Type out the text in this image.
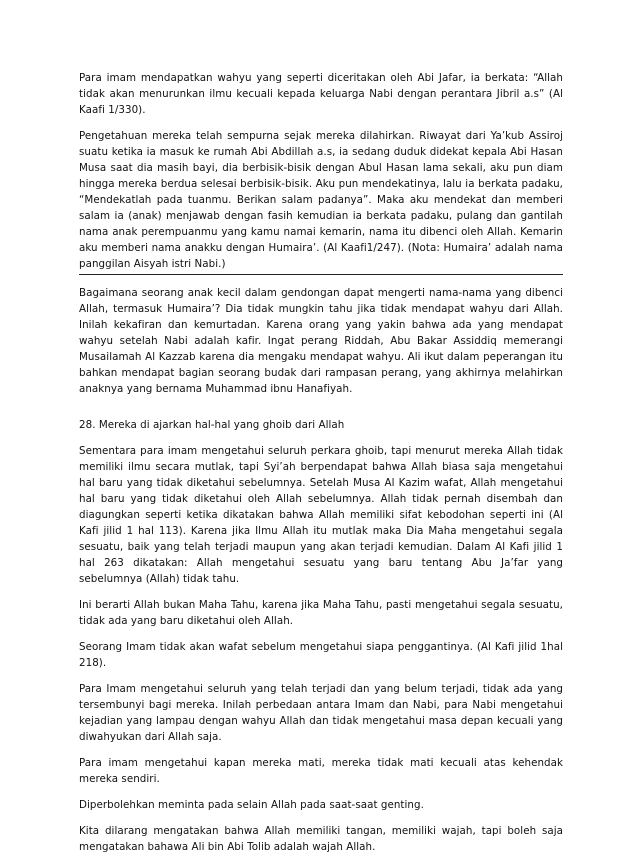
Para imam mendapatkan wahyu yang seperti diceritakan oleh Abi Jafar, ia berkata: “Allah tidak akan menurunkan ilmu kecuali kepada keluarga Nabi dengan perantara Jibril a.s” (Al Kaafi 1/330).

Pengetahuan mereka telah sempurna sejak mereka dilahirkan. Riwayat dari Ya’kub Assiroj suatu ketika ia masuk ke rumah Abi Abdillah a.s, ia sedang duduk didekat kepala Abi Hasan Musa saat dia masih bayi, dia berbisik-bisik dengan Abul Hasan lama sekali, aku pun diam hingga mereka berdua selesai berbisik-bisik. Aku pun mendekatinya, lalu ia berkata padaku, “Mendekatlah pada tuanmu. Berikan salam padanya”. Maka aku mendekat dan memberi salam ia (anak) menjawab dengan fasih kemudian ia berkata padaku, pulang dan gantilah nama anak perempuanmu yang kamu namai kemarin, nama itu dibenci oleh Allah. Kemarin aku memberi nama anakku dengan Humaira’. (Al Kaafi1/247). (Nota: Humaira’ adalah nama panggilan Aisyah istri Nabi.)

Bagaimana seorang anak kecil dalam gendongan dapat mengerti nama-nama yang dibenci Allah, termasuk Humaira’? Dia tidak mungkin tahu jika tidak mendapat wahyu dari Allah. Inilah kekafiran dan kemurtadan. Karena orang yang yakin bahwa ada yang mendapat wahyu setelah Nabi adalah kafir. Ingat perang Riddah, Abu Bakar Assiddiq memerangi Musailamah Al Kazzab karena dia mengaku mendapat wahyu. Ali ikut dalam peperangan itu bahkan mendapat bagian seorang budak dari rampasan perang, yang akhirnya melahirkan anaknya yang bernama Muhammad ibnu Hanafiyah.

28. Mereka di ajarkan hal-hal yang ghoib dari Allah

Sementara para imam mengetahui seluruh perkara ghoib, tapi menurut mereka Allah tidak memiliki ilmu secara mutlak, tapi Syi’ah berpendapat bahwa Allah biasa saja mengetahui hal baru yang tidak diketahui sebelumnya. Setelah Musa Al Kazim wafat, Allah mengetahui hal baru yang tidak diketahui oleh Allah sebelumnya. Allah tidak pernah disembah dan diagungkan seperti ketika dikatakan bahwa Allah memiliki sifat kebodohan seperti ini (Al Kafi jilid 1 hal 113). Karena jika Ilmu Allah itu mutlak maka Dia Maha mengetahui segala sesuatu, baik yang telah terjadi maupun yang akan terjadi kemudian. Dalam Al Kafi jilid 1 hal 263 dikatakan: Allah mengetahui sesuatu yang baru tentang Abu Ja’far yang sebelumnya (Allah) tidak tahu.

Ini berarti Allah bukan Maha Tahu, karena jika Maha Tahu, pasti mengetahui segala sesuatu, tidak ada yang baru diketahui oleh Allah.

Seorang Imam tidak akan wafat sebelum mengetahui siapa penggantinya. (Al Kafi jilid 1hal 218).

Para Imam mengetahui seluruh yang telah terjadi dan yang belum terjadi, tidak ada yang tersembunyi bagi mereka. Inilah perbedaan antara Imam dan Nabi, para Nabi mengetahui kejadian yang lampau dengan wahyu Allah dan tidak mengetahui masa depan kecuali yang diwahyukan dari Allah saja.

Para imam mengetahui kapan mereka mati, mereka tidak mati kecuali atas kehendak mereka sendiri.

Diperbolehkan meminta pada selain Allah pada saat-saat genting.

Kita dilarang mengatakan bahwa Allah memiliki tangan, memiliki wajah, tapi boleh saja mengatakan bahawa Ali bin Abi Tolib adalah wajah Allah.
